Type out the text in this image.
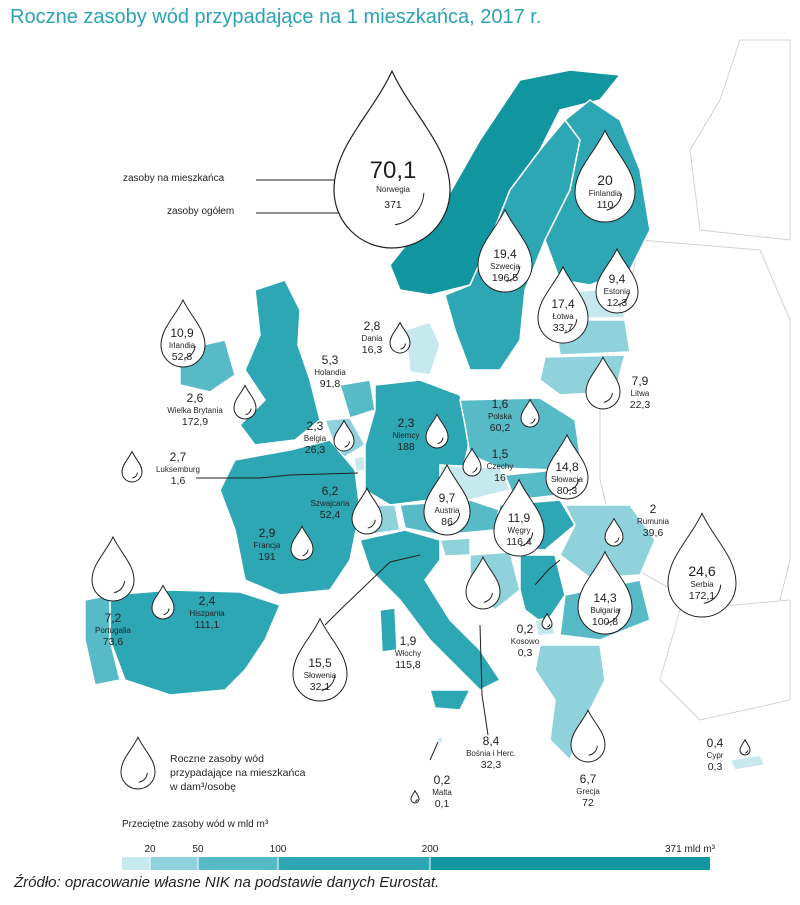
Roczne zasoby wód przypadające na 1 mieszkańca, 2017 r.
70,1
Norwegia
371
20
Finlandia
110
19,4
Szwecja
196,5	9,4
Estonia
12,3
17,4
Łotwa
33,7
7,9
Litwa
22,3
2,8
Dania
16,3
10,9
Irlandia
52,8
2,6
Wielka Brytania
172,9
5,3
Holandia
91,8
2,3
Belgia
26,3
2,3
Niemcy
188
1,6
Polska
60,2
1,5
Czechy
16
14,8
Słowacja
80,3
2,7
Luksemburg
1,6
6,2
Szwajcaria
52,4
9,7
Austria
86	11,9
Węgry
116,4
2
Rumunia
39,6
2,9
Francja
191
24,6
Serbia
172,1
14,3
Bułgaria
100,8
2,4
Hiszpania
111,1
7,2
Portugalia
73,6
15,5
Słowenia
32,1
1,9
Włochy
115,8
0,2
Kosowo
0,3
8,4
Bośnia i Herc.
32,3
0,2
Malta
0,1
6,7
Grecja
72
0,4
Cypr
0,3
20	50	100	200	371 mld m³
zasoby na mieszkańca
zasoby ogółem
Roczne zasoby wód
przypadające na mieszkańca
w dam³/osobę
Przeciętne zasoby wód w mld m³
Źródło: opracowanie własne NIK na podstawie danych Eurostat.
